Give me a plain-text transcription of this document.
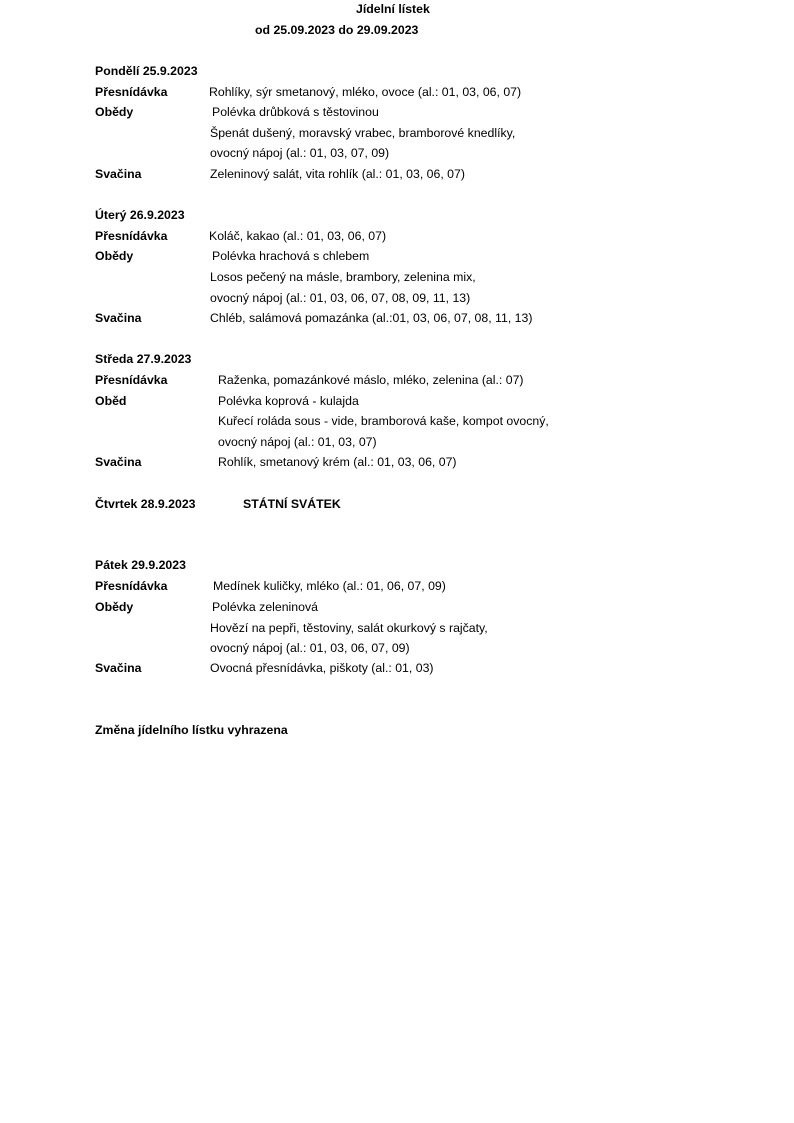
Jídelní lístek
od 25.09.2023 do 29.09.2023
Pondělí 25.9.2023
Přesnídávka	Rohlíky, sýr smetanový, mléko, ovoce (al.: 01, 03, 06, 07)
Obědy	Polévka drůbková s těstovinou
Špenát dušený, moravský vrabec, bramborové knedlíky,
ovocný nápoj (al.: 01, 03, 07, 09)
Svačina	Zeleninový salát, vita rohlík (al.: 01, 03, 06, 07)
Úterý 26.9.2023
Přesnídávka	Koláč, kakao (al.: 01, 03, 06, 07)
Obědy	Polévka hrachová s chlebem
Losos pečený na másle, brambory, zelenina mix,
ovocný nápoj (al.: 01, 03, 06, 07, 08, 09, 11, 13)
Svačina	Chléb, salámová pomazánka (al.:01, 03, 06, 07, 08, 11, 13)
Středa 27.9.2023
Přesnídávka	Raženka, pomazánkové máslo, mléko, zelenina (al.: 07)
Oběd	Polévka koprová - kulajda
Kuřecí roláda sous - vide, bramborová kaše, kompot ovocný,
ovocný nápoj (al.: 01, 03, 07)
Svačina	Rohlík, smetanový krém (al.: 01, 03, 06, 07)
Čtvrtek 28.9.2023	STÁTNÍ SVÁTEK
Pátek 29.9.2023
Přesnídávka	Medínek kuličky, mléko (al.: 01, 06, 07, 09)
Obědy	Polévka zeleninová
Hovězí na pepři, těstoviny, salát okurkový s rajčaty,
ovocný nápoj (al.: 01, 03, 06, 07, 09)
Svačina	Ovocná přesnídávka, piškoty (al.: 01, 03)
Změna jídelního lístku vyhrazena
